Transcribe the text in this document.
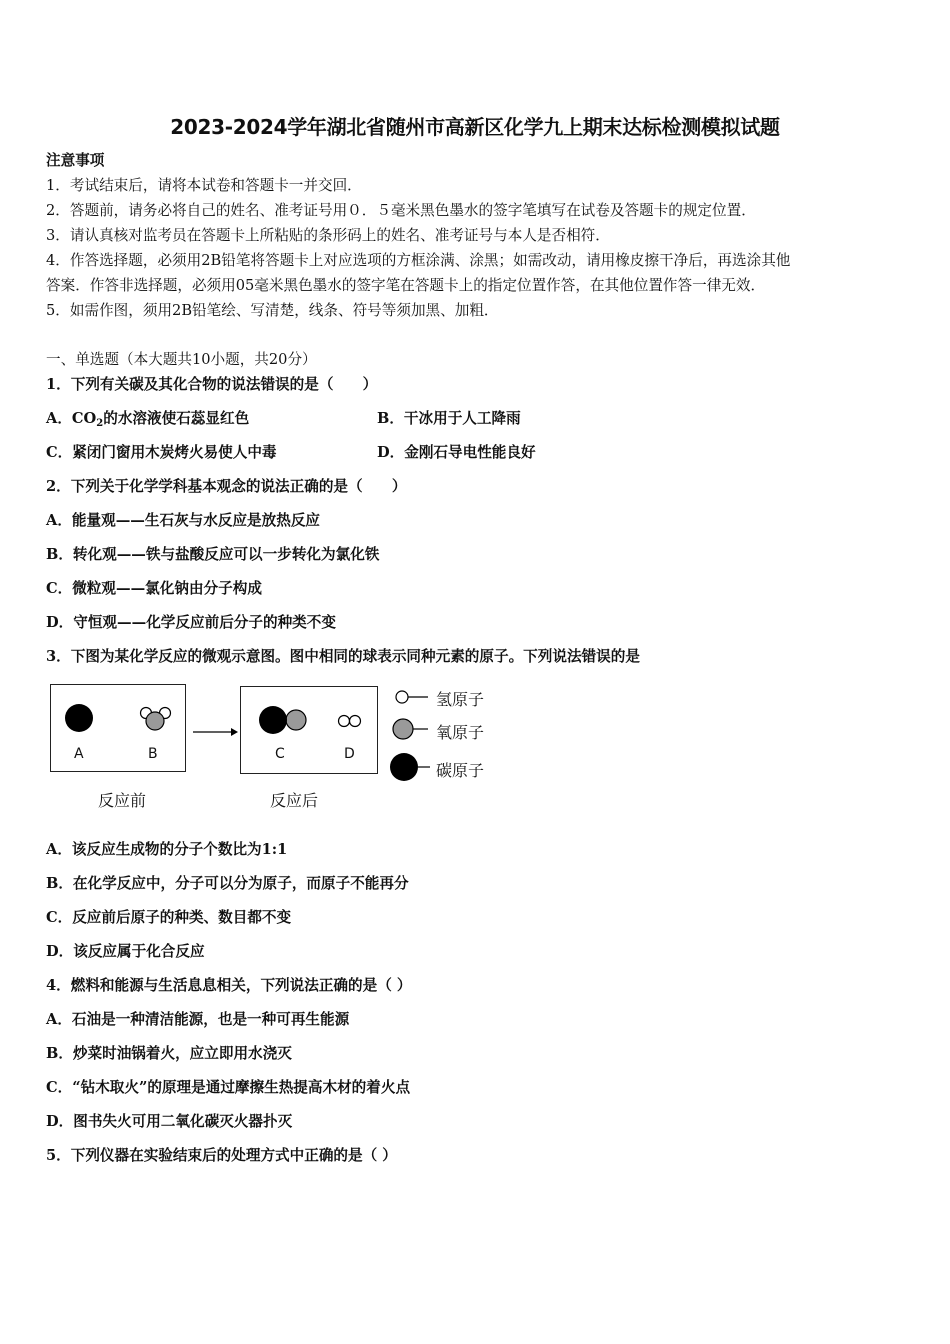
2023-2024学年湖北省随州市高新区化学九上期末达标检测模拟试题
注意事项
1．考试结束后，请将本试卷和答题卡一并交回．
2．答题前，请务必将自己的姓名、准考证号用０．５毫米黑色墨水的签字笔填写在试卷及答题卡的规定位置．
3．请认真核对监考员在答题卡上所粘贴的条形码上的姓名、准考证号与本人是否相符．
4．作答选择题，必须用2B铅笔将答题卡上对应选项的方框涂满、涂黑；如需改动，请用橡皮擦干净后，再选涂其他
答案．作答非选择题，必须用05毫米黑色墨水的签字笔在答题卡上的指定位置作答，在其他位置作答一律无效．
5．如需作图，须用2B铅笔绘、写清楚，线条、符号等须加黑、加粗．
一、单选题（本大题共10小题，共20分）
1．下列有关碳及其化合物的说法错误的是（　　）
A．$CO_2$的水溶液使石蕊显红色	B．干冰用于人工降雨
C．紧闭门窗用木炭烤火易使人中毒	D．金刚石导电性能良好
2．下列关于化学学科基本观念的说法正确的是（　　）
A．能量观——生石灰与水反应是放热反应
B．转化观——铁与盐酸反应可以一步转化为氯化铁
C．微粒观——氯化钠由分子构成
D．守恒观——化学反应前后分子的种类不变
3．下图为某化学反应的微观示意图。图中相同的球表示同种元素的原子。下列说法错误的是
A	B	C	D
反应前	反应后
氢原子
氧原子
碳原子
A．该反应生成物的分子个数比为1:1
B．在化学反应中，分子可以分为原子，而原子不能再分
C．反应前后原子的种类、数目都不变
D．该反应属于化合反应
4．燃料和能源与生活息息相关，下列说法正确的是（ ）
A．石油是一种清洁能源，也是一种可再生能源
B．炒菜时油锅着火，应立即用水浇灭
C．“钻木取火”的原理是通过摩擦生热提高木材的着火点
D．图书失火可用二氧化碳灭火器扑灭
5．下列仪器在实验结束后的处理方式中正确的是（ ）
